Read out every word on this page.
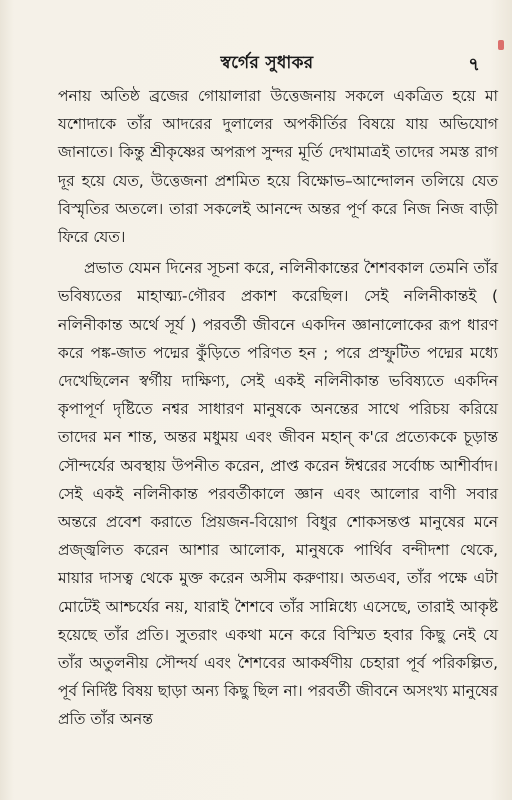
স্বর্গের সুধাকর	৭

পনায় অতিষ্ঠ ব্রজের গোয়ালারা উত্তেজনায় সকলে একত্রিত হয়ে মা যশোদাকে তাঁর আদরের দুলালের অপকীর্তির বিষয়ে যায় অভিযোগ জানাতে। কিন্তু শ্রীকৃষ্ণের অপরূপ সুন্দর মূর্তি দেখামাত্রই তাদের সমস্ত রাগ দূর হয়ে যেত, উত্তেজনা প্রশমিত হয়ে বিক্ষোভ–আন্দোলন তলিয়ে যেত বিস্মৃতির অতলে। তারা সকলেই আনন্দে অন্তর পূর্ণ করে নিজ নিজ বাড়ী ফিরে যেত।

প্রভাত যেমন দিনের সূচনা করে, নলিনীকান্তের শৈশবকাল তেমনি তাঁর ভবিষ্যতের মাহাত্ম্য-গৌরব প্রকাশ করেছিল। সেই নলিনীকান্তই ( নলিনীকান্ত অর্থে সূর্য ) পরবর্তী জীবনে একদিন জ্ঞানালোকের রূপ ধারণ করে পঙ্ক-জাত পদ্মের কুঁড়িতে পরিণত হন ; পরে প্রস্ফুটিত পদ্মের মধ্যে দেখেছিলেন স্বর্গীয় দাক্ষিণ্য, সেই একই নলিনীকান্ত ভবিষ্যতে একদিন কৃপাপূর্ণ দৃষ্টিতে নশ্বর সাধারণ মানুষকে অনন্তের সাথে পরিচয় করিয়ে তাদের মন শান্ত, অন্তর মধুময় এবং জীবন মহান্ ক'রে প্রত্যেককে চূড়ান্ত সৌন্দর্যের অবস্থায় উপনীত করেন, প্রাপ্ত করেন ঈশ্বরের সর্বোচ্চ আশীর্বাদ। সেই একই নলিনীকান্ত পরবর্তীকালে জ্ঞান এবং আলোর বাণী সবার অন্তরে প্রবেশ করাতে প্রিয়জন-বিয়োগ বিধুর শোকসন্তপ্ত মানুষের মনে প্রজ্জ্বলিত করেন আশার আলোক, মানুষকে পার্থিব বন্দীদশা থেকে, মায়ার দাসত্ব থেকে মুক্ত করেন অসীম করুণায়। অতএব, তাঁর পক্ষে এটা মোটেই আশ্চর্যের নয়, যারাই শৈশবে তাঁর সান্নিধ্যে এসেছে, তারাই আকৃষ্ট হয়েছে তাঁর প্রতি। সুতরাং একথা মনে করে বিস্মিত হবার কিছু নেই যে তাঁর অতুলনীয় সৌন্দর্য এবং শৈশবের আকর্ষণীয় চেহারা পূর্ব পরিকল্পিত, পূর্ব নির্দিষ্ট বিষয় ছাড়া অন্য কিছু ছিল না। পরবর্তী জীবনে অসংখ্য মানুষের প্রতি তাঁর অনন্ত
